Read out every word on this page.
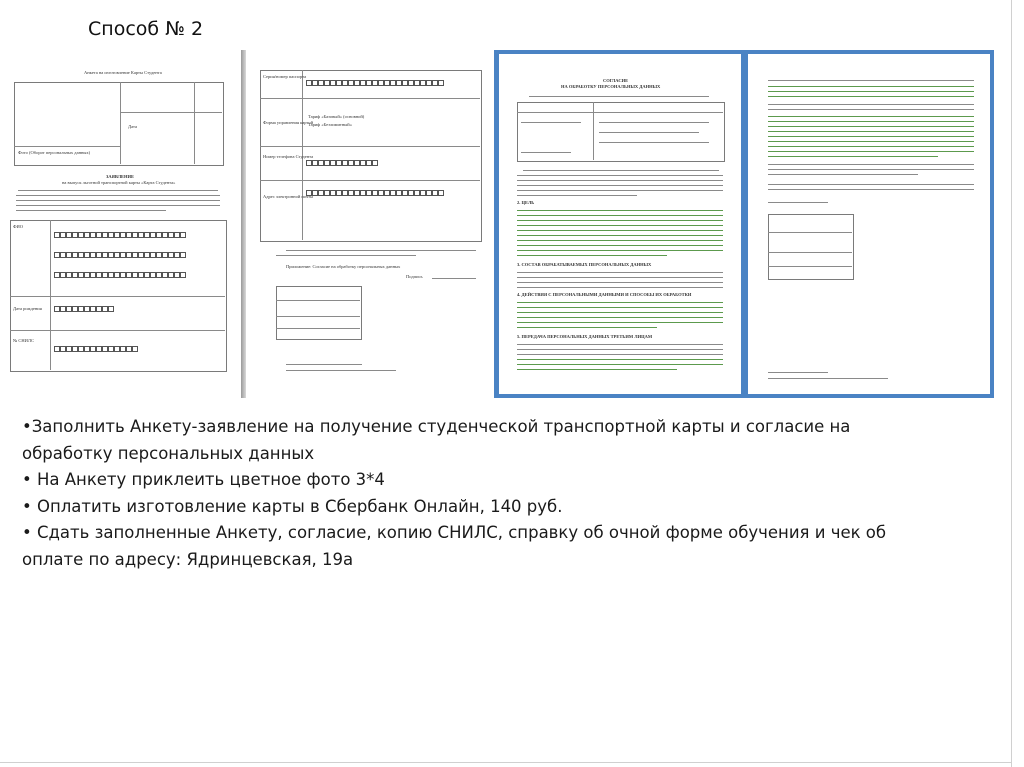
Способ № 2
Анкета на изготовление Карты Студента
Дата
Фото (Оборот персональных данных)
ЗАЯВЛЕНИЕ
на выпуск льготной транспортной карты «Карта Студента»
ФИО
Дата рождения
№ СНИЛС
Серия/номер паспорта
Форма управления картой
Тариф «Базовый» (основной)
Тариф «Безлимитный»
Номер телефона Студента
Адрес электронной почты
Приложение: Согласие на обработку персональных данных
Подпись
СОГЛАСИЕ
НА ОБРАБОТКУ ПЕРСОНАЛЬНЫХ ДАННЫХ
2. ЦЕЛЬ
3. СОСТАВ ОБРАБАТЫВАЕМЫХ ПЕРСОНАЛЬНЫХ ДАННЫХ
4. ДЕЙСТВИЯ С ПЕРСОНАЛЬНЫМИ ДАННЫМИ И СПОСОБЫ ИХ ОБРАБОТКИ
5. ПЕРЕДАЧА ПЕРСОНАЛЬНЫХ ДАННЫХ ТРЕТЬИМ ЛИЦАМ
•Заполнить Анкету-заявление на получение студенческой транспортной карты и согласие на
обработку персональных данных
• На Анкету приклеить цветное фото 3*4
• Оплатить изготовление карты в Сбербанк Онлайн, 140 руб.
• Сдать заполненные Анкету, согласие, копию СНИЛС, справку об очной форме обучения и чек об
оплате по адресу: Ядринцевская, 19а
